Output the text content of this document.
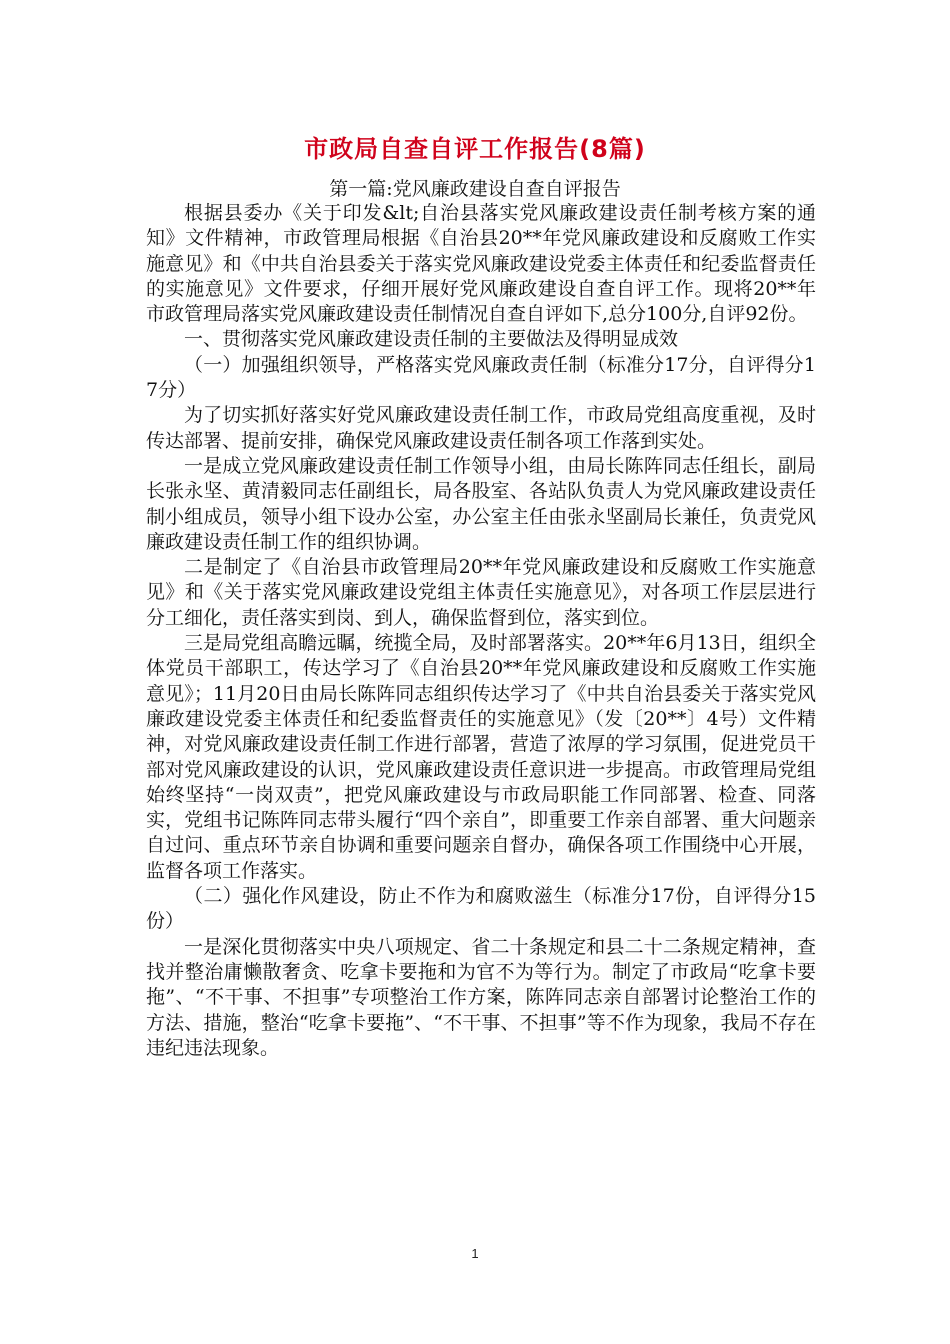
市政局自查自评工作报告(8篇)
第一篇:党风廉政建设自查自评报告

根据县委办《关于印发&lt;自治县落实党风廉政建设责任制考核方案的通知》文件精神，市政管理局根据《自治县20**年党风廉政建设和反腐败工作实施意见》和《中共自治县委关于落实党风廉政建设党委主体责任和纪委监督责任的实施意见》文件要求，仔细开展好党风廉政建设自查自评工作。现将20**年市政管理局落实党风廉政建设责任制情况自查自评如下,总分100分,自评92份。

一、贯彻落实党风廉政建设责任制的主要做法及得明显成效

（一）加强组织领导，严格落实党风廉政责任制（标准分17分，自评得分17分）

为了切实抓好落实好党风廉政建设责任制工作，市政局党组高度重视，及时传达部署、提前安排，确保党风廉政建设责任制各项工作落到实处。

一是成立党风廉政建设责任制工作领导小组，由局长陈阵同志任组长，副局长张永坚、黄清毅同志任副组长，局各股室、各站队负责人为党风廉政建设责任制小组成员，领导小组下设办公室，办公室主任由张永坚副局长兼任，负责党风廉政建设责任制工作的组织协调。

二是制定了《自治县市政管理局20**年党风廉政建设和反腐败工作实施意见》和《关于落实党风廉政建设党组主体责任实施意见》，对各项工作层层进行分工细化，责任落实到岗、到人，确保监督到位，落实到位。

三是局党组高瞻远瞩，统揽全局，及时部署落实。20**年6月13日，组织全体党员干部职工，传达学习了《自治县20**年党风廉政建设和反腐败工作实施意见》；11月20日由局长陈阵同志组织传达学习了《中共自治县委关于落实党风廉政建设党委主体责任和纪委监督责任的实施意见》（发〔20**〕4号）文件精神，对党风廉政建设责任制工作进行部署，营造了浓厚的学习氛围，促进党员干部对党风廉政建设的认识，党风廉政建设责任意识进一步提高。市政管理局党组始终坚持“一岗双责”，把党风廉政建设与市政局职能工作同部署、检查、同落实，党组书记陈阵同志带头履行“四个亲自”，即重要工作亲自部署、重大问题亲自过问、重点环节亲自协调和重要问题亲自督办，确保各项工作围绕中心开展，监督各项工作落实。

（二）强化作风建设，防止不作为和腐败滋生（标准分17份，自评得分15份）

一是深化贯彻落实中央八项规定、省二十条规定和县二十二条规定精神，查找并整治庸懒散奢贪、吃拿卡要拖和为官不为等行为。制定了市政局“吃拿卡要拖”、“不干事、不担事”专项整治工作方案，陈阵同志亲自部署讨论整治工作的方法、措施，整治“吃拿卡要拖”、“不干事、不担事”等不作为现象，我局不存在违纪违法现象。

1
